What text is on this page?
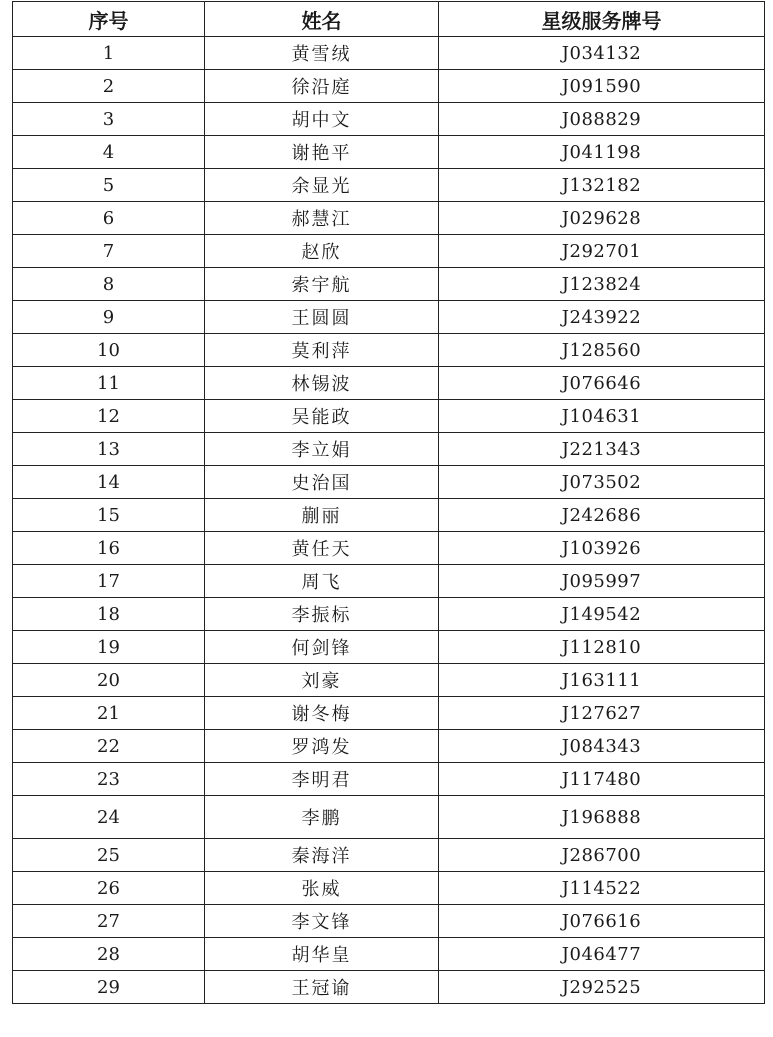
序号	姓名	星级服务牌号
1	黄雪绒	J034132
2	徐沿庭	J091590
3	胡中文	J088829
4	谢艳平	J041198
5	余显光	J132182
6	郝慧江	J029628
7	赵欣	J292701
8	索宇航	J123824
9	王圆圆	J243922
10	莫利萍	J128560
11	林锡波	J076646
12	吴能政	J104631
13	李立娟	J221343
14	史治国	J073502
15	蒯丽	J242686
16	黄任天	J103926
17	周飞	J095997
18	李振标	J149542
19	何剑锋	J112810
20	刘豪	J163111
21	谢冬梅	J127627
22	罗鸿发	J084343
23	李明君	J117480
24	李鹏	J196888
25	秦海洋	J286700
26	张威	J114522
27	李文锋	J076616
28	胡华皇	J046477
29	王冠谕	J292525
